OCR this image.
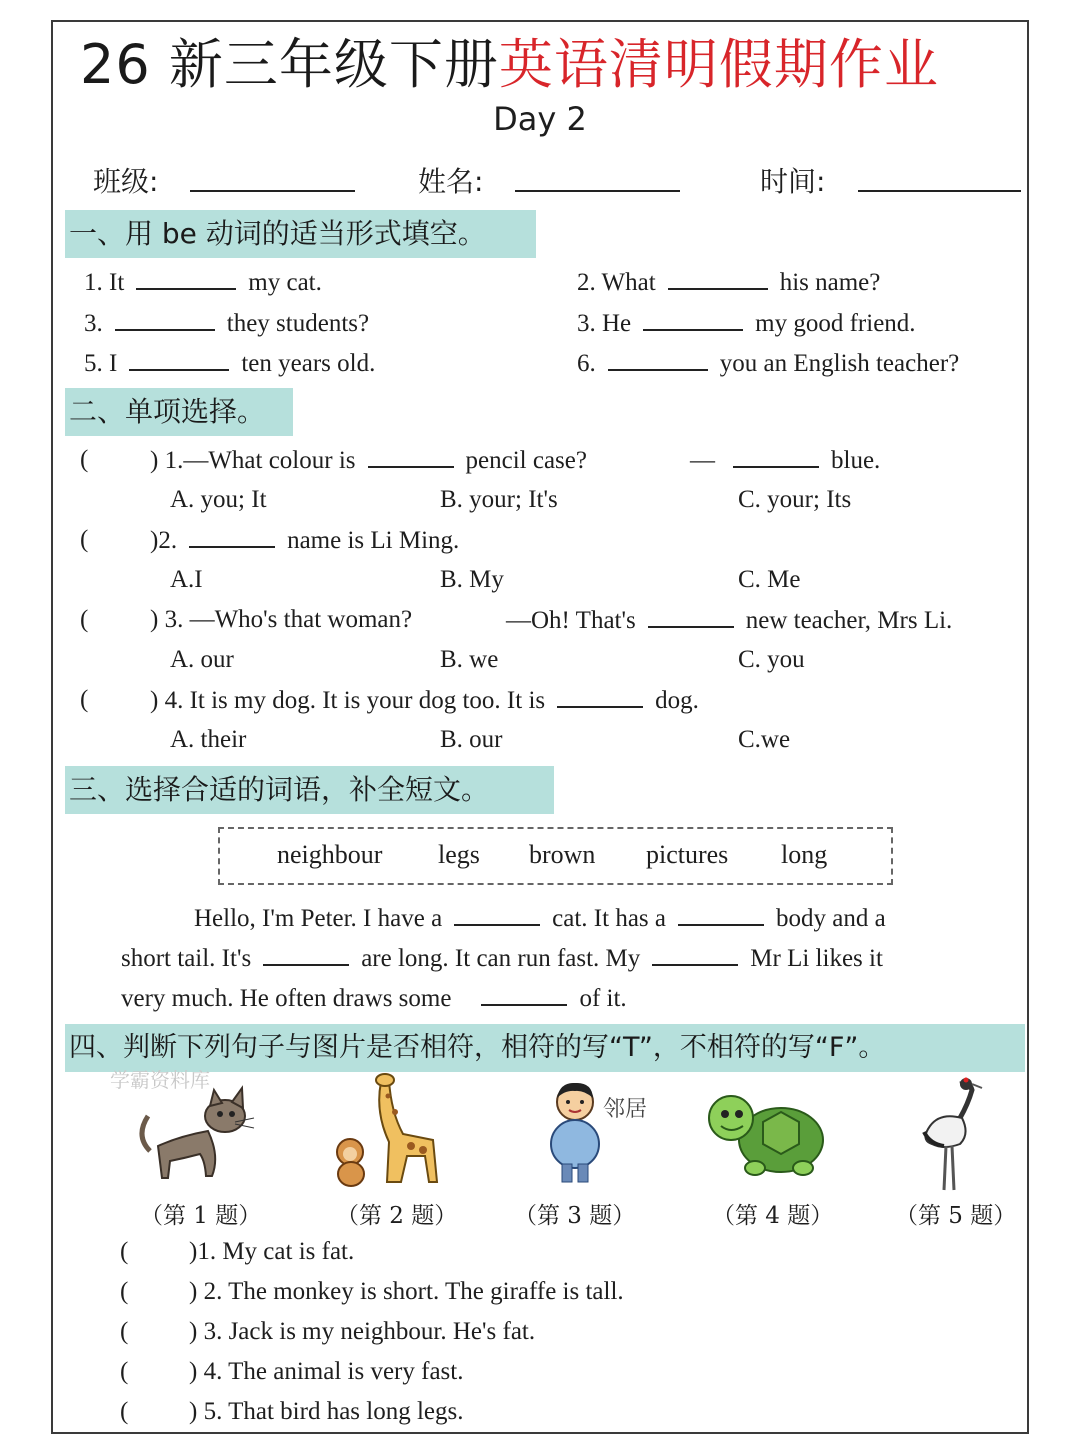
26 新三年级下册英语清明假期作业
Day 2
班级:	姓名:	时间:
一、用 be 动词的适当形式填空。
1. It	my cat.	2. What	his name?
3.	they students?	3. He	my good friend.
5. I	ten years old.	6.	you an English teacher?
二、单项选择。
( ) 1.—What colour is	pencil case?	—	blue.
A. you; It	B. your; It's	C. your; Its
( )2.	name is Li Ming.
A.I	B. My	C. Me
( ) 3. —Who's that woman?	—Oh! That's	new teacher, Mrs Li.
A. our	B. we	C. you
( ) 4. It is my dog. It is your dog too. It is	dog.
A. their	B. our	C.we
三、选择合适的词语，补全短文。
neighbour legs brown pictures long
Hello, I'm Peter. I have a	cat. It has a	body and a
short tail. It's	are long. It can run fast. My	Mr Li likes it
very much. He often draws some	of it.
四、判断下列句子与图片是否相符，相符的写“T”，不相符的写“F”。
学霸资料库
邻居
（第 1 题）	（第 2 题） （第 3 题）	（第 4 题）	（第 5 题）
( )1. My cat is fat.
( ) 2. The monkey is short. The giraffe is tall.
( ) 3. Jack is my neighbour. He's fat.
( ) 4. The animal is very fast.
( ) 5. That bird has long legs.
